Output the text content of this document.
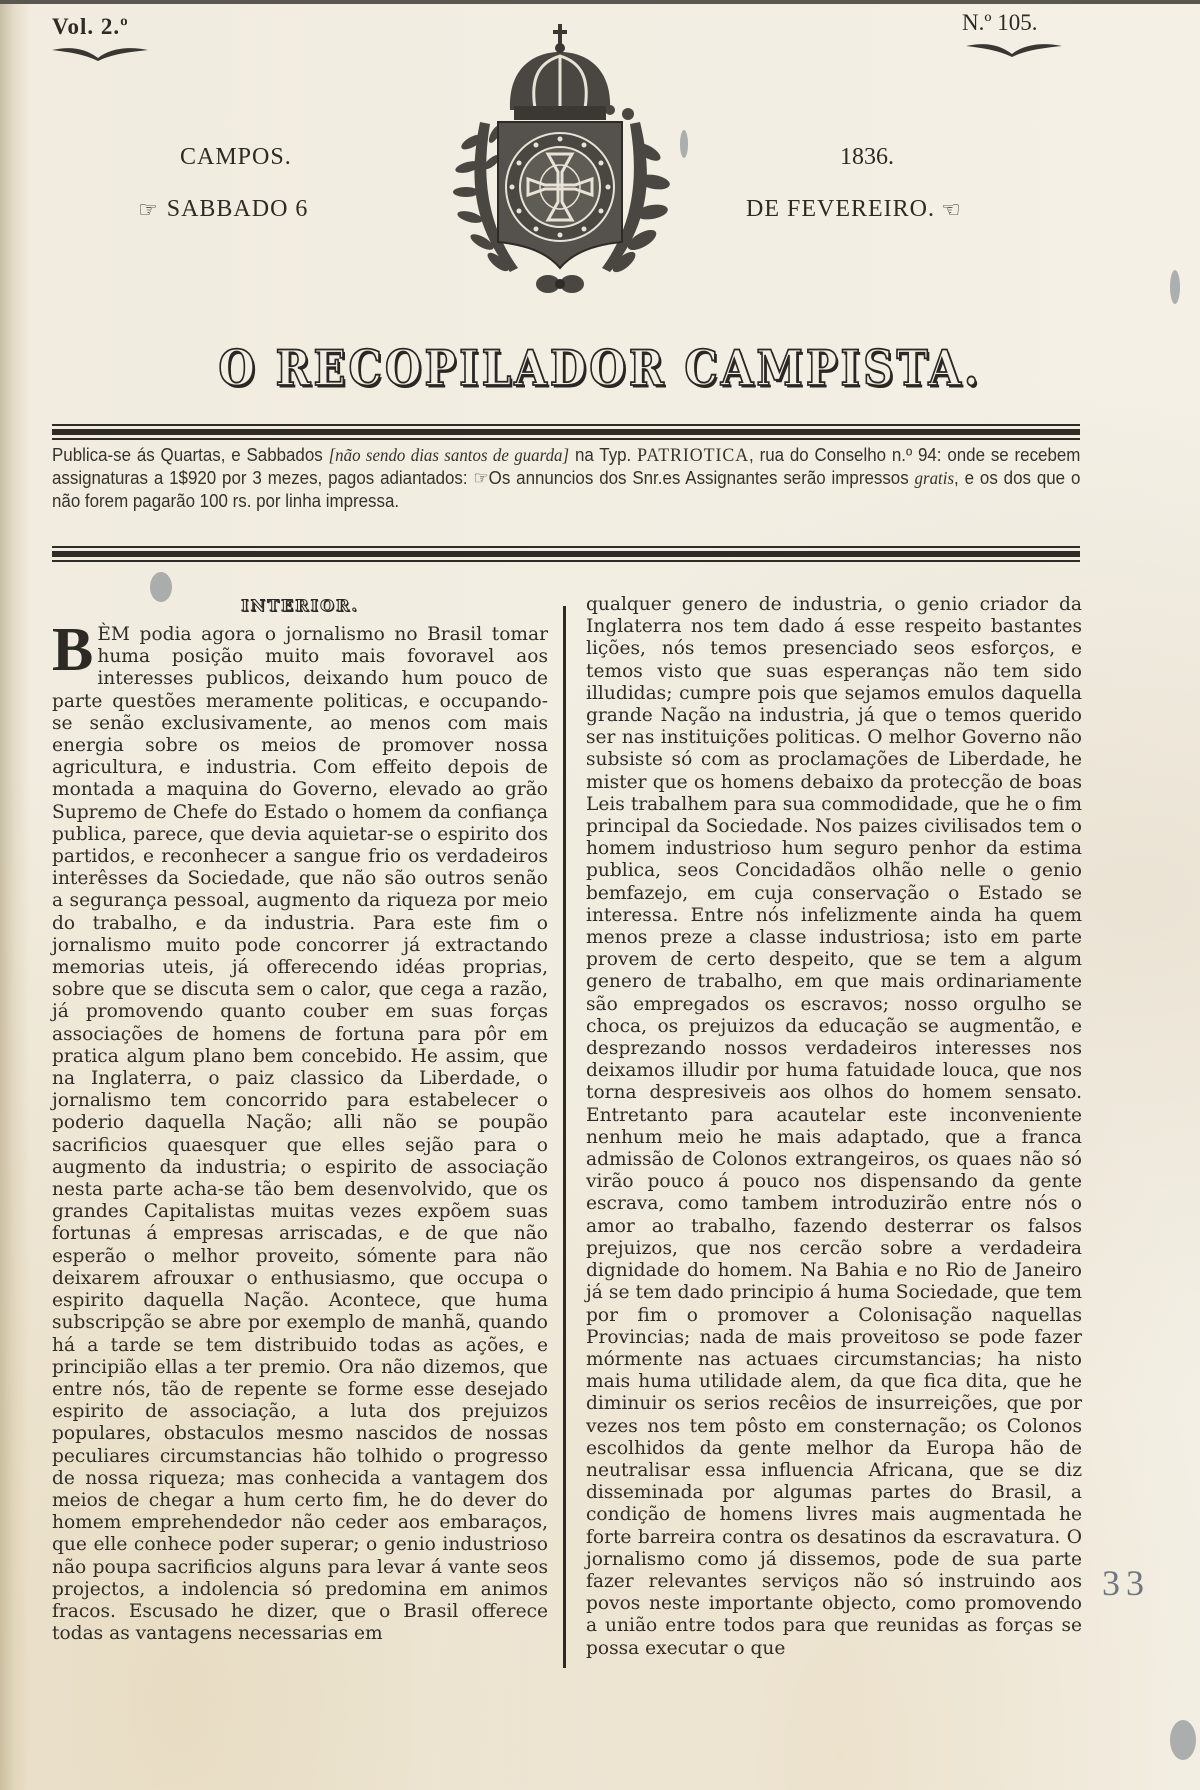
Vol. 2.º	N.º 105.
CAMPOS.	1836.
☞ SABBADO 6	DE FEVEREIRO. ☜
O RECOPILADOR CAMPISTA.
Publica-se ás Quartas, e Sabbados [não sendo dias santos de guarda] na Typ. PATRIOTICA, rua do Conselho n.º 94: onde se recebem assignaturas a 1$920 por 3 mezes, pagos adiantados: ☞Os annuncios dos Snr.es Assignantes serão impressos gratis, e os dos que o não forem pagarão 100 rs. por linha impressa.
INTERIOR.

BÈM podia agora o jornalismo no Brasil tomar huma posição muito mais fovoravel aos interesses publicos, deixando hum pouco de parte questões meramente politicas, e occupando-se senão exclusivamente, ao menos com mais energia sobre os meios de promover nossa agricultura, e industria. Com effeito depois de montada a maquina do Governo, elevado ao grão Supremo de Chefe do Estado o homem da confiança publica, parece, que devia aquietar-se o espirito dos partidos, e reconhecer a sangue frio os verdadeiros interêsses da Sociedade, que não são outros senão a segurança pessoal, augmento da riqueza por meio do trabalho, e da industria. Para este fim o jornalismo muito pode concorrer já extractando memorias uteis, já offerecendo idéas proprias, sobre que se discuta sem o calor, que cega a razão, já promovendo quanto couber em suas forças associações de homens de fortuna para pôr em pratica algum plano bem concebido. He assim, que na Inglaterra, o paiz classico da Liberdade, o jornalismo tem concorrido para estabelecer o poderio daquella Nação; alli não se poupão sacrificios quaesquer que elles sejão para o augmento da industria; o espirito de associação nesta parte acha-se tão bem desenvolvido, que os grandes Capitalistas muitas vezes expõem suas fortunas á empresas arriscadas, e de que não esperão o melhor proveito, sómente para não deixarem afrouxar o enthusiasmo, que occupa o espirito daquella Nação. Acontece, que huma subscripção se abre por exemplo de manhã, quando há a tarde se tem distribuido todas as ações, e principião ellas a ter premio. Ora não dizemos, que entre nós, tão de repente se forme esse desejado espirito de associação, a luta dos prejuizos populares, obstaculos mesmo nascidos de nossas peculiares circumstancias hão tolhido o progresso de nossa riqueza; mas conhecida a vantagem dos meios de chegar a hum certo fim, he do dever do homem emprehendedor não ceder aos embaraços, que elle conhece poder superar; o genio industrioso não poupa sacrificios alguns para levar á vante seos projectos, a indolencia só predomina em animos fracos. Escusado he dizer, que o Brasil offerece todas as vantagens necessarias em

qualquer genero de industria, o genio criador da Inglaterra nos tem dado á esse respeito bastantes lições, nós temos presenciado seos esforços, e temos visto que suas esperanças não tem sido illudidas; cumpre pois que sejamos emulos daquella grande Nação na industria, já que o temos querido ser nas instituições politicas. O melhor Governo não subsiste só com as proclamações de Liberdade, he mister que os homens debaixo da protecção de boas Leis trabalhem para sua commodidade, que he o fim principal da Sociedade. Nos paizes civilisados tem o homem industrioso hum seguro penhor da estima publica, seos Concidadãos olhão nelle o genio bemfazejo, em cuja conservação o Estado se interessa. Entre nós infelizmente ainda ha quem menos preze a classe industriosa; isto em parte provem de certo despeito, que se tem a algum genero de trabalho, em que mais ordinariamente são empregados os escravos; nosso orgulho se choca, os prejuizos da educação se augmentão, e desprezando nossos verdadeiros interesses nos deixamos illudir por huma fatuidade louca, que nos torna despresiveis aos olhos do homem sensato. Entretanto para acautelar este inconveniente nenhum meio he mais adaptado, que a franca admissão de Colonos extrangeiros, os quaes não só virão pouco á pouco nos dispensando da gente escrava, como tambem introduzirão entre nós o amor ao trabalho, fazendo desterrar os falsos prejuizos, que nos cercão sobre a verdadeira dignidade do homem. Na Bahia e no Rio de Janeiro já se tem dado principio á huma Sociedade, que tem por fim o promover a Colonisação naquellas Provincias; nada de mais proveitoso se pode fazer mórmente nas actuaes circumstancias; ha nisto mais huma utilidade alem, da que fica dita, que he diminuir os serios recêios de insurreições, que por vezes nos tem pôsto em consternação; os Colonos escolhidos da gente melhor da Europa hão de neutralisar essa influencia Africana, que se diz disseminada por algumas partes do Brasil, a condição de homens livres mais augmentada he forte barreira contra os desatinos da escravatura. O jornalismo como já dissemos, pode de sua parte fazer relevantes serviços não só instruindo aos povos neste importante objecto, como promovendo a união entre todos para que reunidas as forças se possa executar o que

33
